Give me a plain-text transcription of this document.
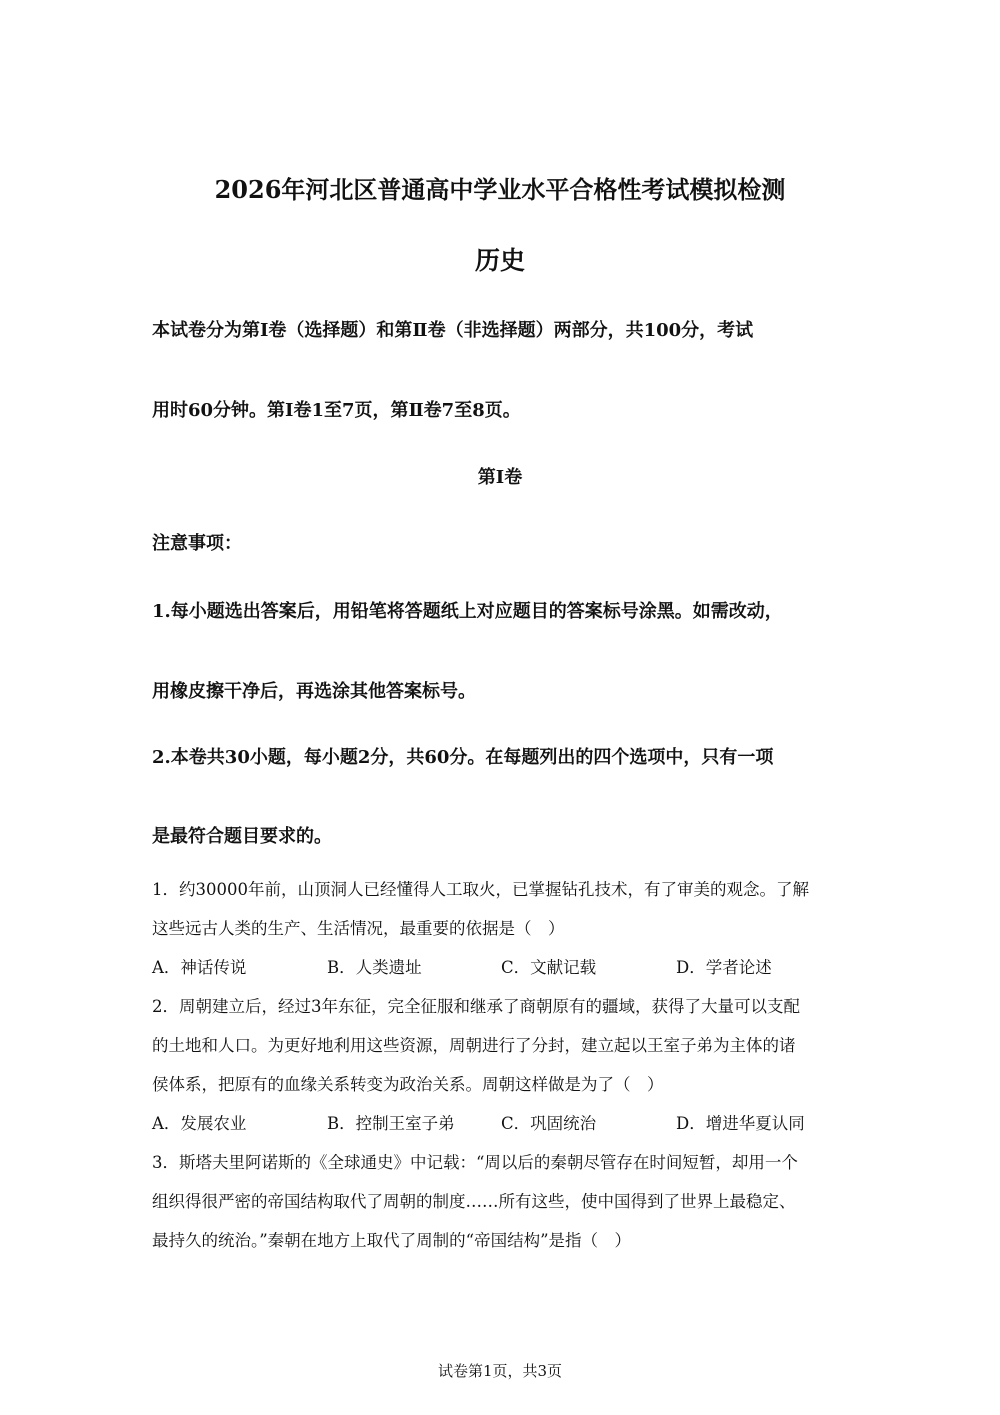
2026年河北区普通高中学业水平合格性考试模拟检测
历史
本试卷分为第Ⅰ卷（选择题）和第Ⅱ卷（非选择题）两部分，共100分，考试
用时60分钟。第Ⅰ卷1至7页，第Ⅱ卷7至8页。
第Ⅰ卷
注意事项：
1.每小题选出答案后，用铅笔将答题纸上对应题目的答案标号涂黑。如需改动，
用橡皮擦干净后，再选涂其他答案标号。
2.本卷共30小题，每小题2分，共60分。在每题列出的四个选项中，只有一项
是最符合题目要求的。
1．约30000年前，山顶洞人已经懂得人工取火，已掌握钻孔技术，有了审美的观念。了解
这些远古人类的生产、生活情况，最重要的依据是（　）
A．神话传说	B．人类遗址	C．文献记载	D．学者论述
2．周朝建立后，经过3年东征，完全征服和继承了商朝原有的疆域，获得了大量可以支配
的土地和人口。为更好地利用这些资源，周朝进行了分封，建立起以王室子弟为主体的诸
侯体系，把原有的血缘关系转变为政治关系。周朝这样做是为了（　）
A．发展农业	B．控制王室子弟	C．巩固统治	D．增进华夏认同
3．斯塔夫里阿诺斯的《全球通史》中记载：“周以后的秦朝尽管存在时间短暂，却用一个
组织得很严密的帝国结构取代了周朝的制度……所有这些，使中国得到了世界上最稳定、
最持久的统治。”秦朝在地方上取代了周制的“帝国结构”是指（　）
试卷第1页，共3页
